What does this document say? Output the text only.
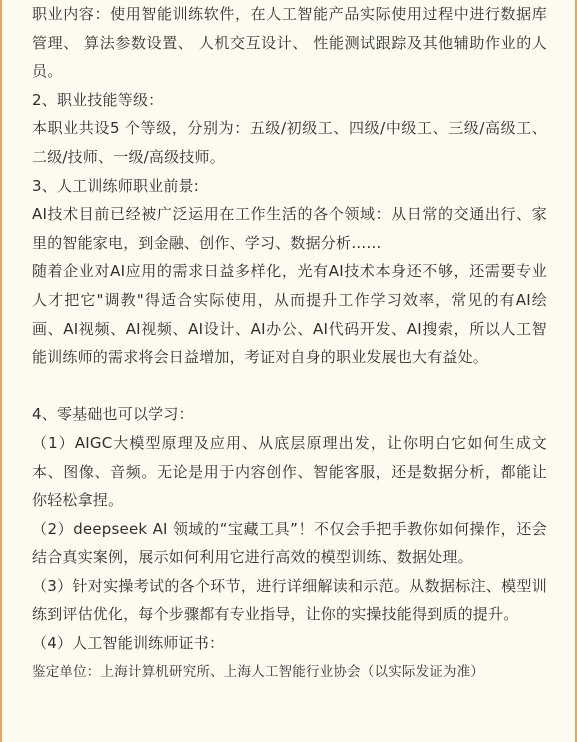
职业内容：使用智能训练软件，在人工智能产品实际使用过程中进行数据库管理、 算法参数设置、 人机交互设计、 性能测试跟踪及其他辅助作业的人员。

2、职业技能等级：

本职业共设5 个等级，分别为：五级/初级工、四级/中级工、三级/高级工、二级/技师、一级/高级技师。

3、人工训练师职业前景:

AI技术目前已经被广泛运用在工作生活的各个领域：从日常的交通出行、家里的智能家电，到金融、创作、学习、数据分析……

随着企业对AI应用的需求日益多样化，光有AI技术本身还不够，还需要专业人才把它"调教"得适合实际使用，从而提升工作学习效率，常见的有AI绘画、AI视频、AI视频、AI设计、AI办公、AI代码开发、AI搜索，所以人工智能训练师的需求将会日益增加，考证对自身的职业发展也大有益处。

4、零基础也可以学习：

（1）AIGC大模型原理及应用、从底层原理出发，让你明白它如何生成文本、图像、音频。无论是用于内容创作、智能客服，还是数据分析，都能让你轻松拿捏。

（2）deepseek AI 领域的“宝藏工具”！不仅会手把手教你如何操作，还会结合真实案例，展示如何利用它进行高效的模型训练、数据处理。

（3）针对实操考试的各个环节，进行详细解读和示范。从数据标注、模型训练到评估优化，每个步骤都有专业指导，让你的实操技能得到质的提升。

（4）人工智能训练师证书：

鉴定单位：上海计算机研究所、上海人工智能行业协会（以实际发证为准）
